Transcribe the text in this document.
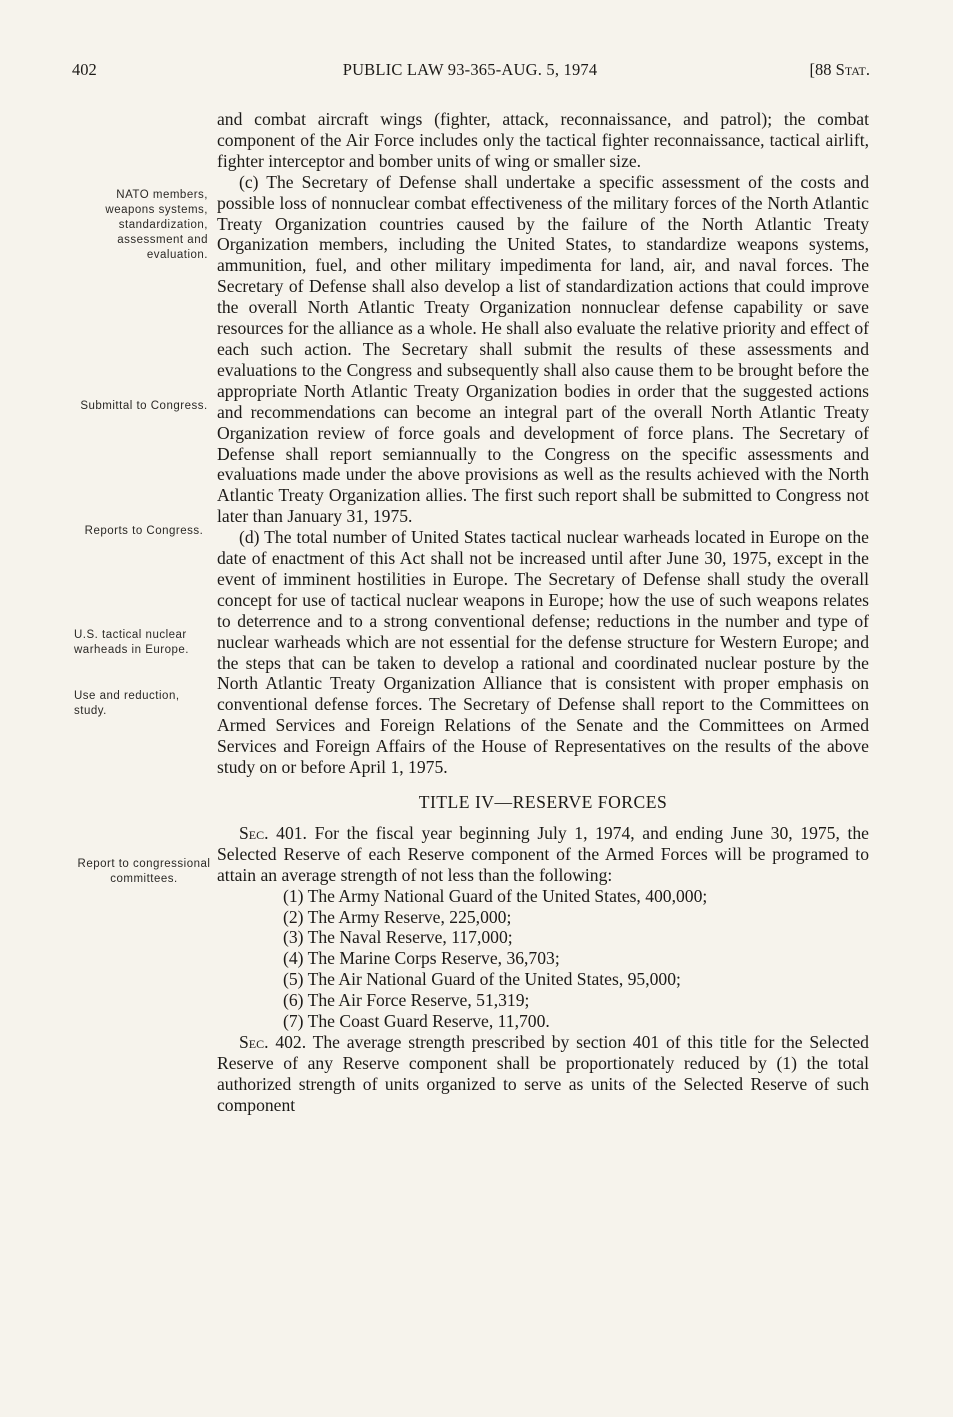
402	PUBLIC LAW 93-365-AUG. 5, 1974	[88 Stat.
NATO members, weapons systems, standardization, assessment and evaluation.
Submittal to Congress.
Reports to Congress.
U.S. tactical nuclear warheads in Europe.
Use and reduction, study.
Report to congressional committees.

and combat aircraft wings (fighter, attack, reconnaissance, and patrol); the combat component of the Air Force includes only the tactical fighter reconnaissance, tactical airlift, fighter interceptor and bomber units of wing or smaller size.

(c) The Secretary of Defense shall undertake a specific assessment of the costs and possible loss of nonnuclear combat effectiveness of the military forces of the North Atlantic Treaty Organization countries caused by the failure of the North Atlantic Treaty Organization members, including the United States, to standardize weapons systems, ammunition, fuel, and other military impedimenta for land, air, and naval forces. The Secretary of Defense shall also develop a list of standardization actions that could improve the overall North Atlantic Treaty Organization nonnuclear defense capability or save resources for the alliance as a whole. He shall also evaluate the relative priority and effect of each such action. The Secretary shall submit the results of these assessments and evaluations to the Congress and subsequently shall also cause them to be brought before the appropriate North Atlantic Treaty Organization bodies in order that the suggested actions and recommendations can become an integral part of the overall North Atlantic Treaty Organization review of force goals and development of force plans. The Secretary of Defense shall report semiannually to the Congress on the specific assessments and evaluations made under the above provisions as well as the results achieved with the North Atlantic Treaty Organization allies. The first such report shall be submitted to Congress not later than January 31, 1975.

(d) The total number of United States tactical nuclear warheads located in Europe on the date of enactment of this Act shall not be increased until after June 30, 1975, except in the event of imminent hostilities in Europe. The Secretary of Defense shall study the overall concept for use of tactical nuclear weapons in Europe; how the use of such weapons relates to deterrence and to a strong conventional defense; reductions in the number and type of nuclear warheads which are not essential for the defense structure for Western Europe; and the steps that can be taken to develop a rational and coordinated nuclear posture by the North Atlantic Treaty Organization Alliance that is consistent with proper emphasis on conventional defense forces. The Secretary of Defense shall report to the Committees on Armed Services and Foreign Relations of the Senate and the Committees on Armed Services and Foreign Affairs of the House of Representatives on the results of the above study on or before April 1, 1975.

TITLE IV—RESERVE FORCES

Sec. 401. For the fiscal year beginning July 1, 1974, and ending June 30, 1975, the Selected Reserve of each Reserve component of the Armed Forces will be programed to attain an average strength of not less than the following:

(1) The Army National Guard of the United States, 400,000;
(2) The Army Reserve, 225,000;
(3) The Naval Reserve, 117,000;
(4) The Marine Corps Reserve, 36,703;
(5) The Air National Guard of the United States, 95,000;
(6) The Air Force Reserve, 51,319;
(7) The Coast Guard Reserve, 11,700.

Sec. 402. The average strength prescribed by section 401 of this title for the Selected Reserve of any Reserve component shall be proportionately reduced by (1) the total authorized strength of units organized to serve as units of the Selected Reserve of such component
